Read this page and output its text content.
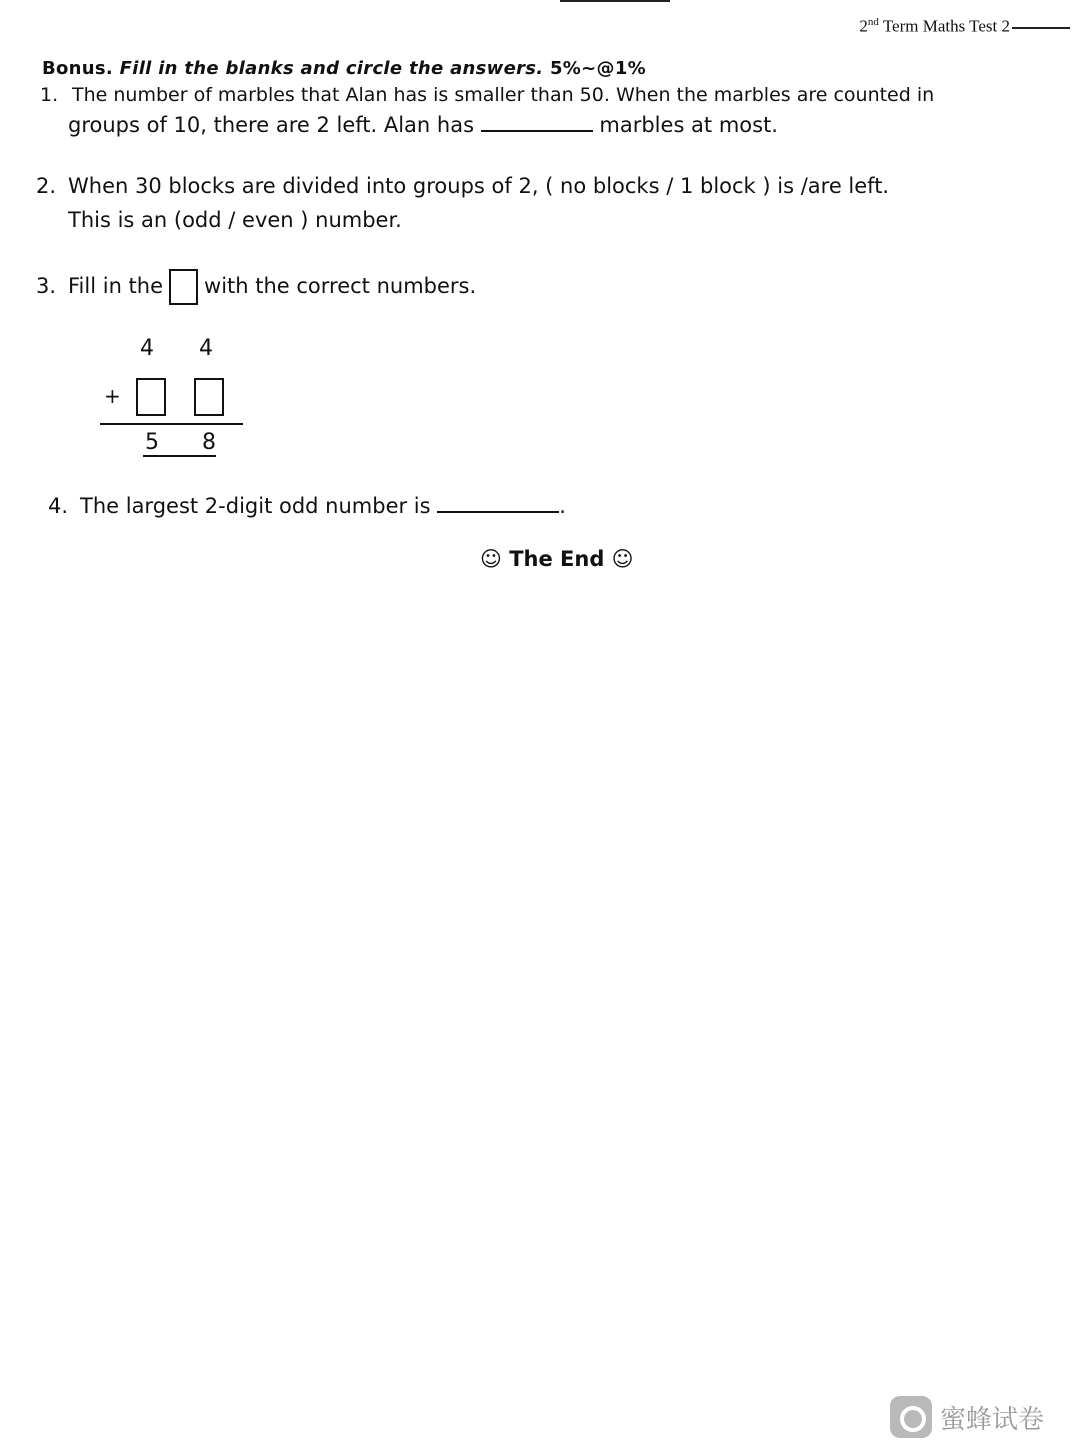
2nd Term Maths Test 2
Bonus. Fill in the blanks and circle the answers. 5%~@1%
1. The number of marbles that Alan has is smaller than 50. When the marbles are counted in
groups of 10, there are 2 left. Alan has	marbles at most.
2. When 30 blocks are divided into groups of 2, ( no blocks / 1 block ) is /are left.
This is an (odd / even ) number.
3. Fill in the with the correct numbers.
4 4
+
5 8
4. The largest 2-digit odd number is	.
☺ The End ☺
蜜蜂试卷
